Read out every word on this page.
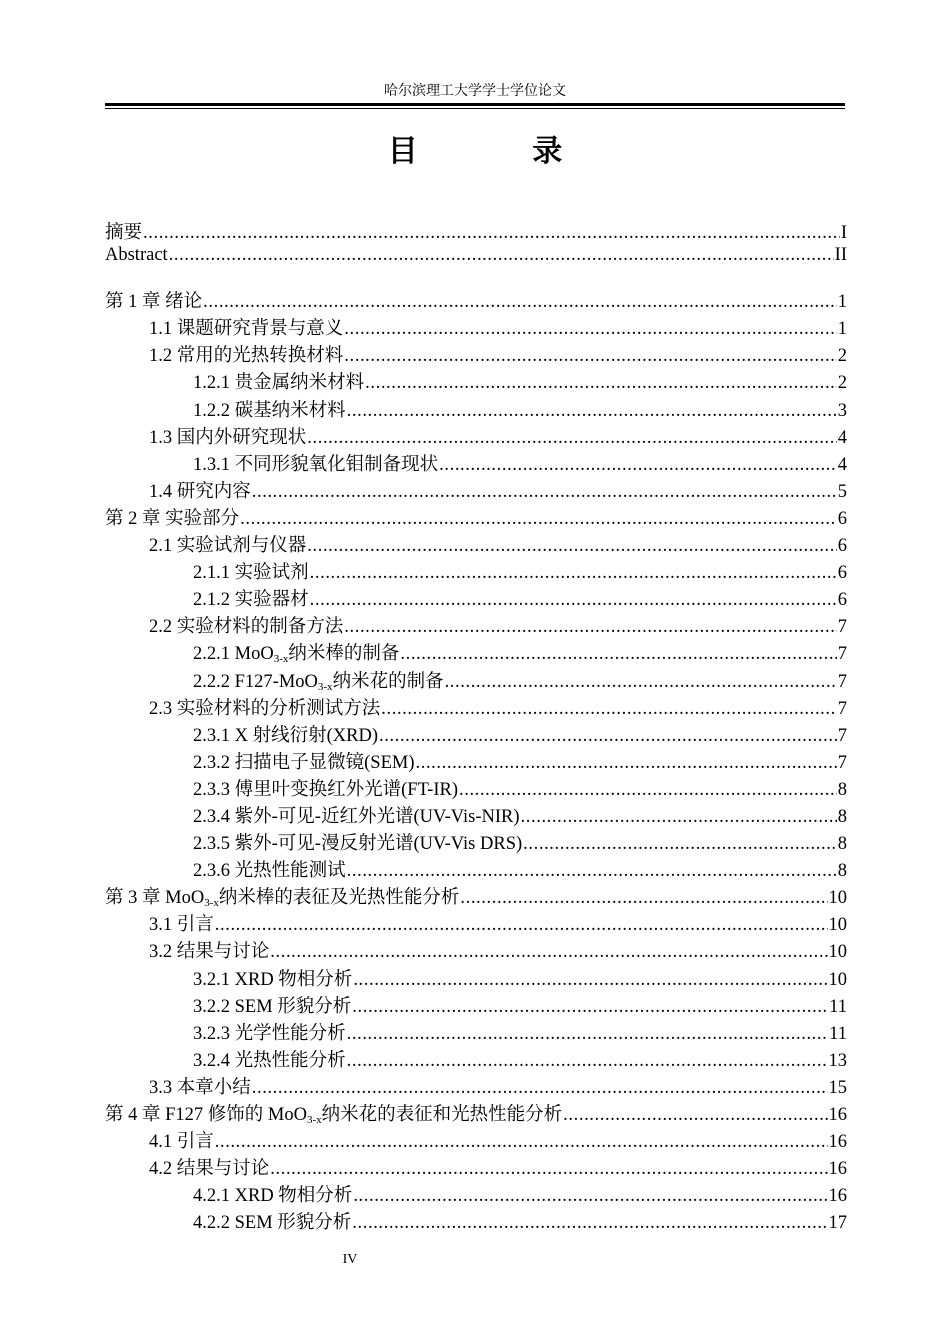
哈尔滨理工大学学士学位论文
目 录
摘要 .....	I
Abstract .....	II
第 1 章 绪论 .....	1
1.1 课题研究背景与意义 .....	1
1.2 常用的光热转换材料 .....	2
1.2.1 贵金属纳米材料 .....	2
1.2.2 碳基纳米材料 .....	3
1.3 国内外研究现状 .....	4
1.3.1 不同形貌氧化钼制备现状 .....	4
1.4 研究内容 .....	5
第 2 章 实验部分 .....	6
2.1 实验试剂与仪器 .....	6
2.1.1 实验试剂 .....	6
2.1.2 实验器材 .....	6
2.2 实验材料的制备方法 .....	7
2.2.1 MoO$_{3-x}$纳米棒的制备 .....	7
2.2.2 F127-MoO$_{3-x}$纳米花的制备 .....	7
2.3 实验材料的分析测试方法 .....	7
2.3.1 X 射线衍射(XRD) .....	7
2.3.2 扫描电子显微镜(SEM) .....	7
2.3.3 傅里叶变换红外光谱(FT-IR) .....	8
2.3.4 紫外-可见-近红外光谱(UV-Vis-NIR) .....	8
2.3.5 紫外-可见-漫反射光谱(UV-Vis DRS) .....	8
2.3.6 光热性能测试 .....	8
第 3 章 MoO$_{3-x}$纳米棒的表征及光热性能分析 .....	10
3.1 引言 .....	10
3.2 结果与讨论 .....	10
3.2.1 XRD 物相分析 .....	10
3.2.2 SEM 形貌分析 .....	11
3.2.3 光学性能分析 .....	11
3.2.4 光热性能分析 .....	13
3.3 本章小结 .....	15
第 4 章 F127 修饰的 MoO$_{3-x}$纳米花的表征和光热性能分析 .....	16
4.1 引言 .....	16
4.2 结果与讨论 .....	16
4.2.1 XRD 物相分析 .....	16
4.2.2 SEM 形貌分析 .....	17
IV
